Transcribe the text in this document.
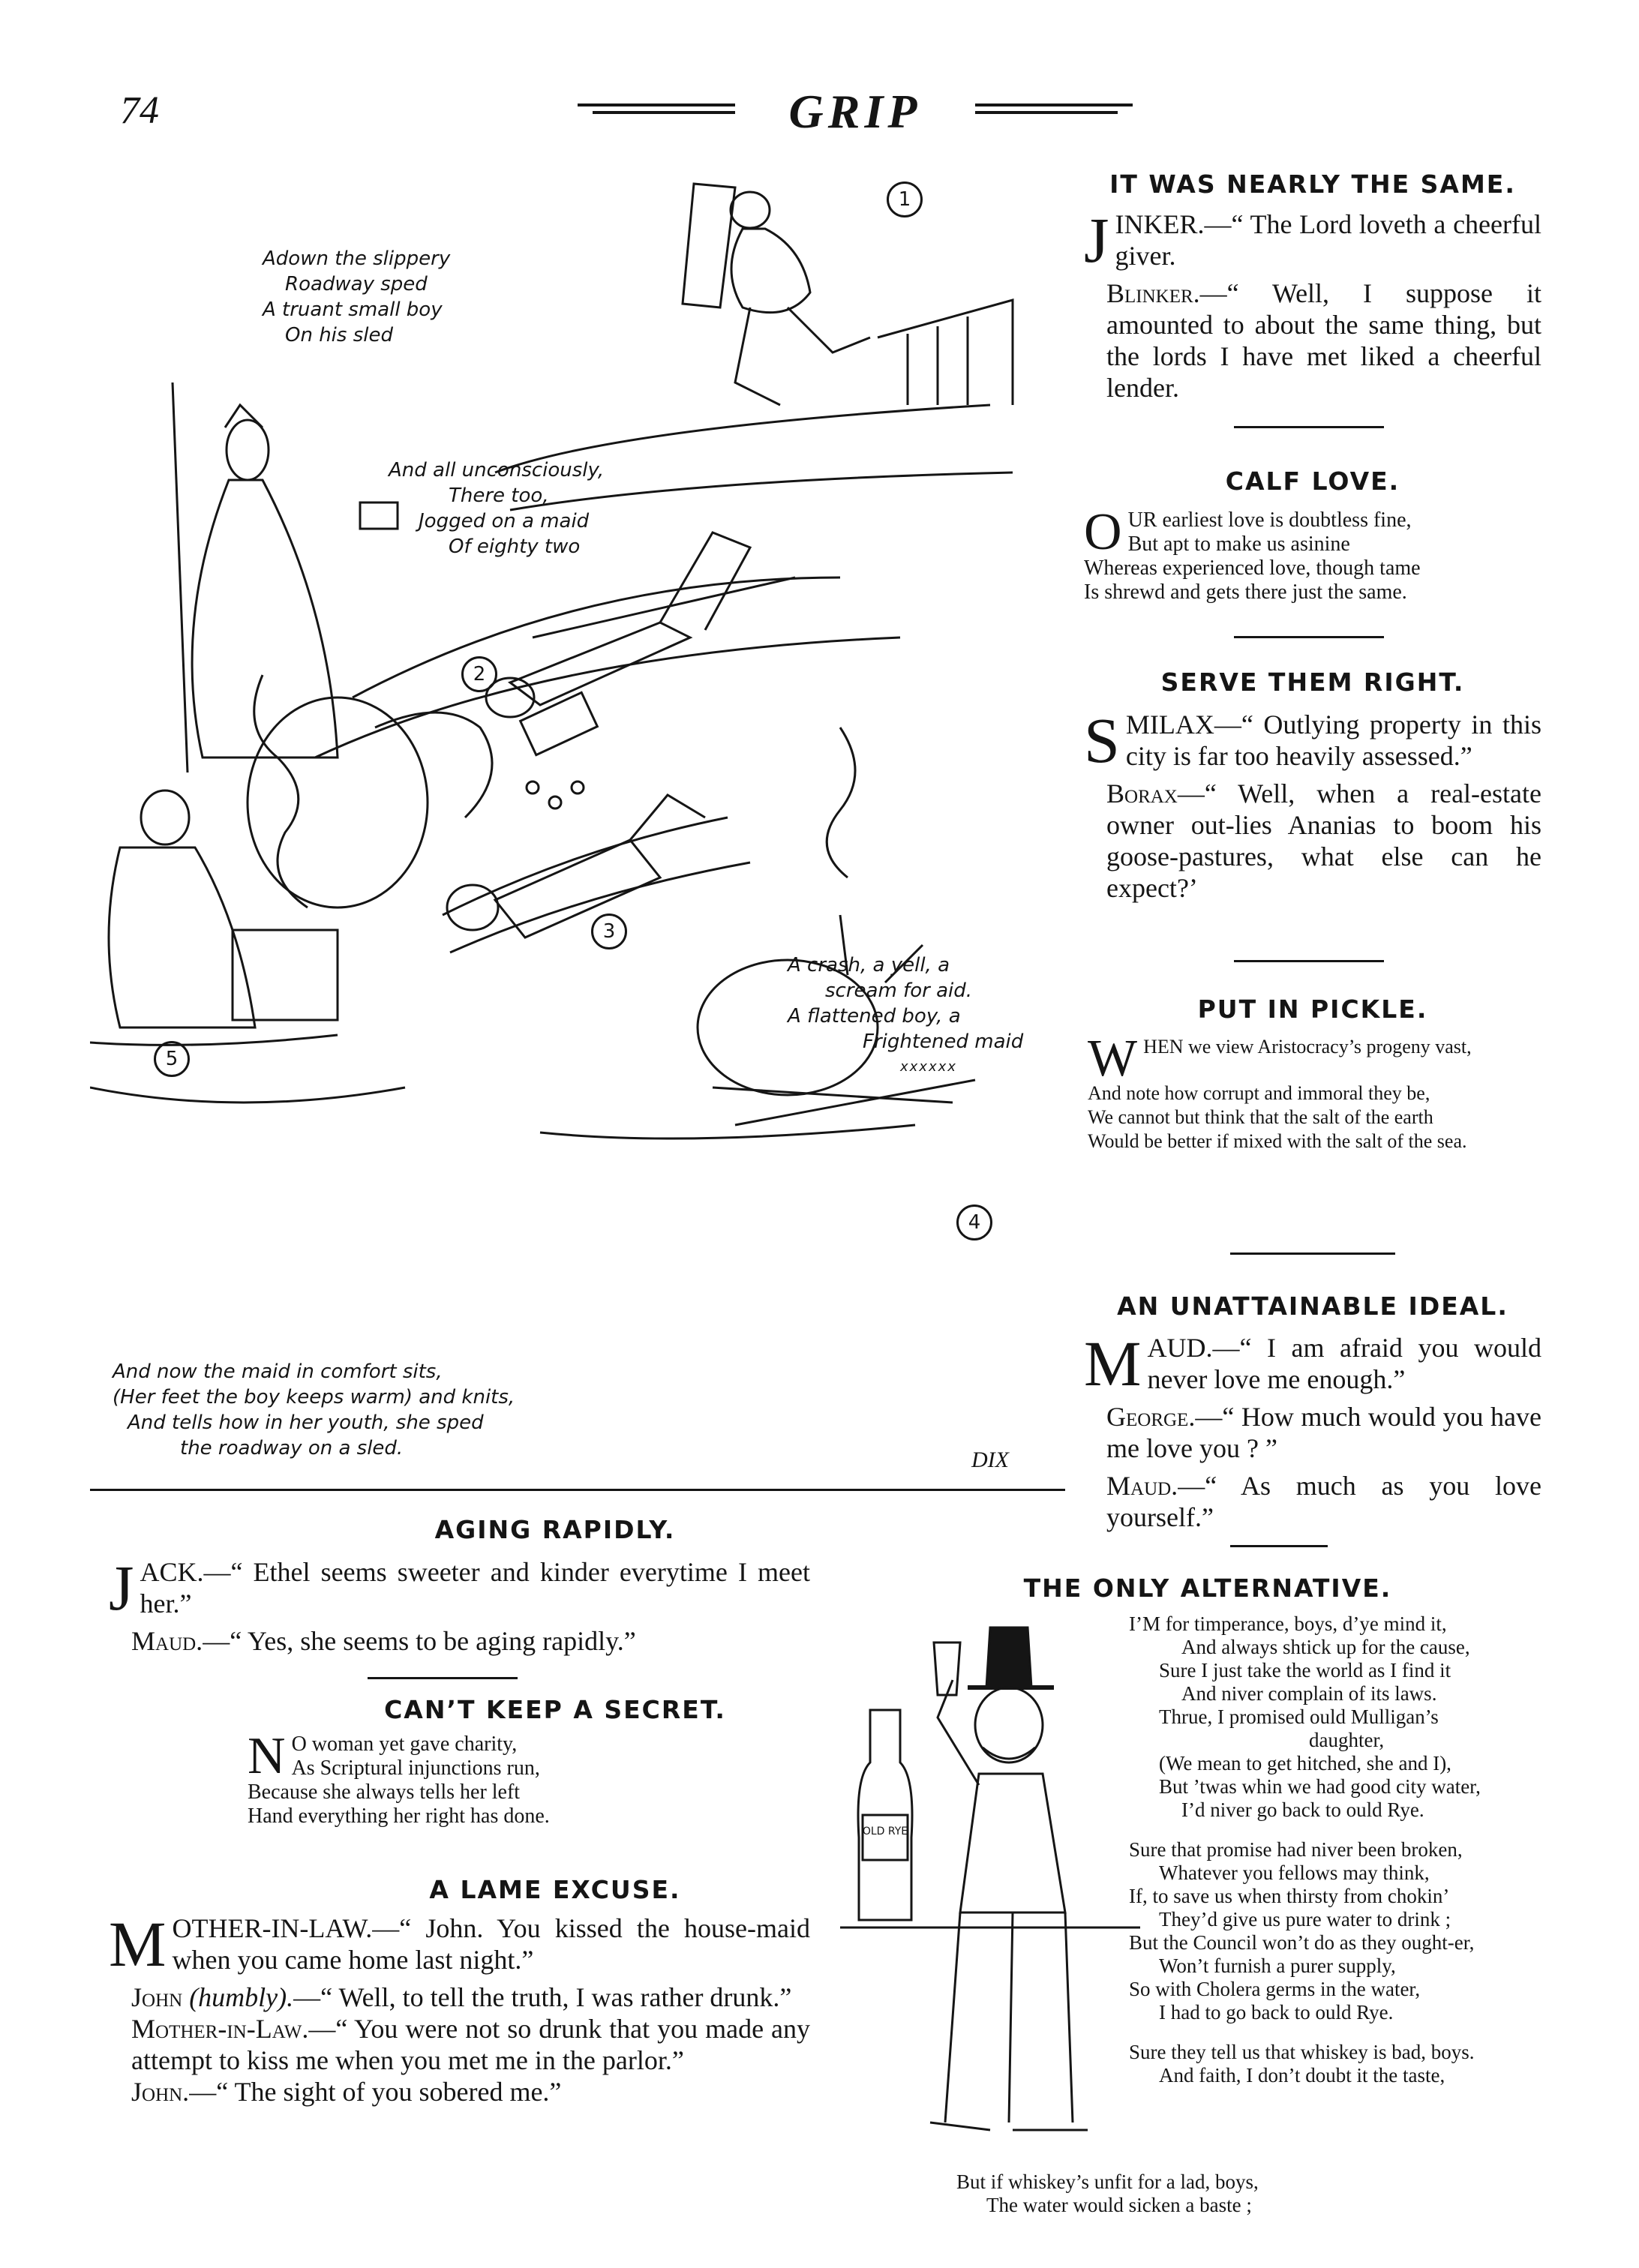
74	GRIP
1
2
3
4
5
Adown the slippery
Roadway sped
A truant small boy
On his sled
And all unconsciously,
There too,
Jogged on a maid
Of eighty two
A crash, a yell, a
scream for aid.
A flattened boy, a
Frightened maid
xxxxxx
And now the maid in comfort sits,
(Her feet the boy keeps warm) and knits,
And tells how in her youth, she sped
the roadway on a sled.	DIX
AGING RAPIDLY.

JACK.—“ Ethel seems sweeter and kinder everytime I meet her.”

Maud.—“ Yes, she seems to be aging rapidly.”

CAN’T KEEP A SECRET.
N O woman yet gave charity,
As Scriptural injunctions run,
Because she always tells her left
Hand everything her right has done.
A LAME EXCUSE.

MOTHER-IN-LAW.—“ John. You kissed the house-maid when you came home last night.”

John (humbly).—“ Well, to tell the truth, I was rather drunk.”

Mother-in-Law.—“ You were not so drunk that you made any attempt to kiss me when you met me in the parlor.”

John.—“ The sight of you sobered me.”

IT WAS NEARLY THE SAME.

JINKER.—“ The Lord loveth a cheerful giver.

Blinker.—“ Well, I suppose it amounted to about the same thing, but the lords I have met liked a cheerful lender.

CALF LOVE.
O UR earliest love is doubtless fine,
But apt to make us asinine
Whereas experienced love, though tame
Is shrewd and gets there just the same.
SERVE THEM RIGHT.

SMILAX—“ Outlying property in this city is far too heavily assessed.”

Borax—“ Well, when a real-estate owner out-lies Ananias to boom his goose-pastures, what else can he expect?’

PUT IN PICKLE.
W HEN we view Aristocracy’s progeny vast,
And note how corrupt and immoral they be,
We cannot but think that the salt of the earth
Would be better if mixed with the salt of the sea.
AN UNATTAINABLE IDEAL.

MAUD.—“ I am afraid you would never love me enough.”

George.—“ How much would you have me love you ? ”

Maud.—“ As much as you love yourself.”

THE ONLY ALTERNATIVE.
OLD RYE
I’M for timperance, boys, d’ye mind it,
And always shtick up for the cause,
Sure I just take the world as I find it
And niver complain of its laws.
Thrue, I promised ould Mulligan’s
daughter,
(We mean to get hitched, she and I),
But ’twas whin we had good city water,
I’d niver go back to ould Rye.
Sure that promise had niver been broken,
Whatever you fellows may think,
If, to save us when thirsty from chokin’
They’d give us pure water to drink ;
But the Council won’t do as they ought-er,
Won’t furnish a purer supply,
So with Cholera germs in the water,
I had to go back to ould Rye.
Sure they tell us that whiskey is bad, boys.
And faith, I don’t doubt it the taste,
But if whiskey’s unfit for a lad, boys,
The water would sicken a baste ;
